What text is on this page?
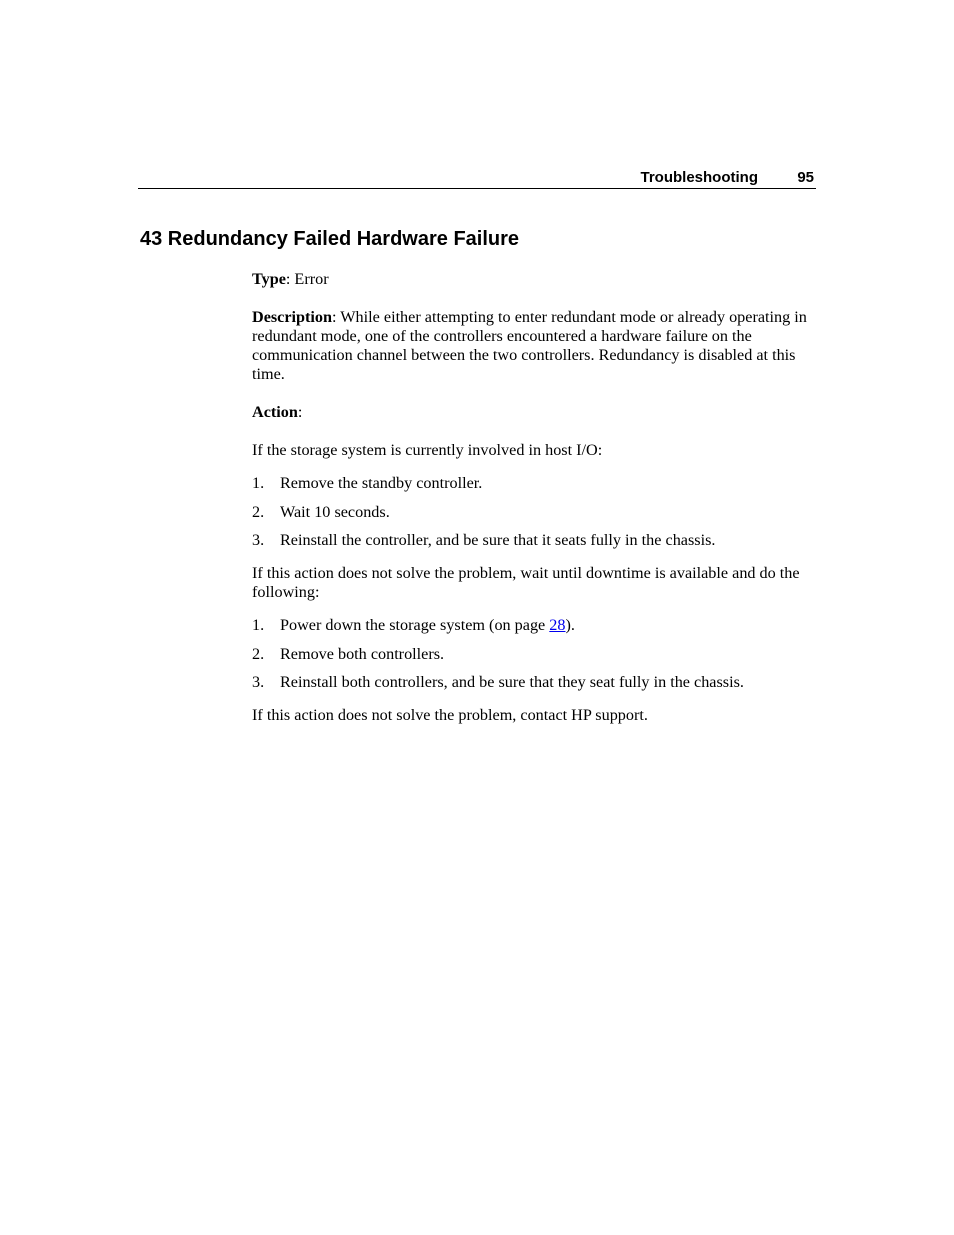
Troubleshooting	95
43 Redundancy Failed Hardware Failure

Type: Error

Description: While either attempting to enter redundant mode or already operating in redundant mode, one of the controllers encountered a hardware failure on the communication channel between the two controllers. Redundancy is disabled at this time.

Action:

If the storage system is currently involved in host I/O:

1. Remove the standby controller.
2. Wait 10 seconds.
3. Reinstall the controller, and be sure that it seats fully in the chassis.

If this action does not solve the problem, wait until downtime is available and do the following:

1. Power down the storage system (on page 28).
2. Remove both controllers.
3. Reinstall both controllers, and be sure that they seat fully in the chassis.

If this action does not solve the problem, contact HP support.
